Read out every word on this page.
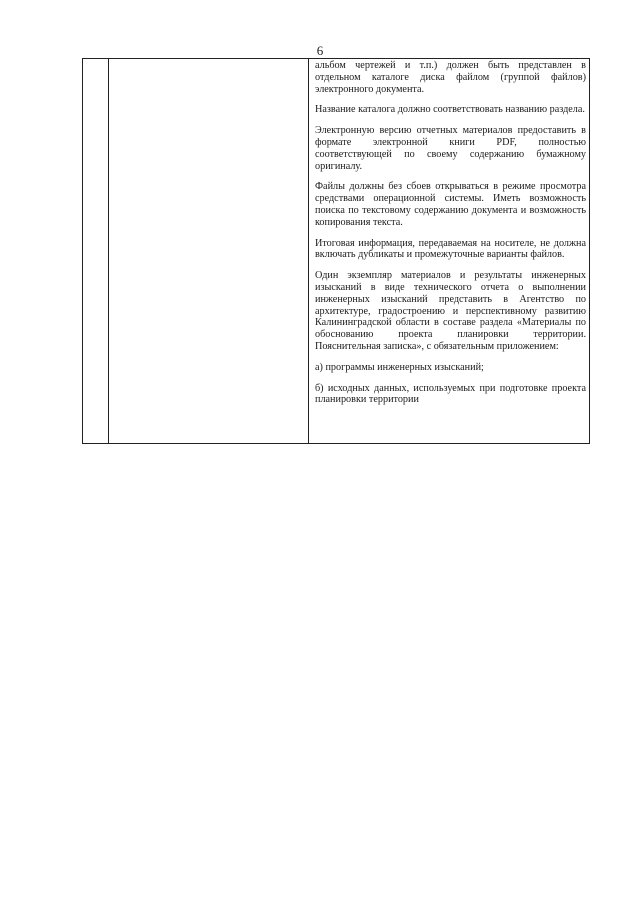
6

альбом чертежей и т.п.) должен быть представлен в отдельном каталоге диска файлом (группой файлов) электронного документа.

Название каталога должно соответствовать названию раздела.

Электронную версию отчетных материалов предоставить в формате электронной книги PDF, полностью соответствующей по своему содержанию бумажному оригиналу.

Файлы должны без сбоев открываться в режиме просмотра средствами операционной системы. Иметь возможность поиска по текстовому содержанию документа и возможность копирования текста.

Итоговая информация, передаваемая на носителе, не должна включать дубликаты и промежуточные варианты файлов.

Один экземпляр материалов и результаты инженерных изысканий в виде технического отчета о выполнении инженерных изысканий представить в Агентство по архитектуре, градостроению и перспективному развитию Калининградской области в составе раздела «Материалы по обоснованию проекта планировки территории. Пояснительная записка», с обязательным приложением:

а) программы инженерных изысканий;

б) исходных данных, используемых при подготовке проекта планировки территории
